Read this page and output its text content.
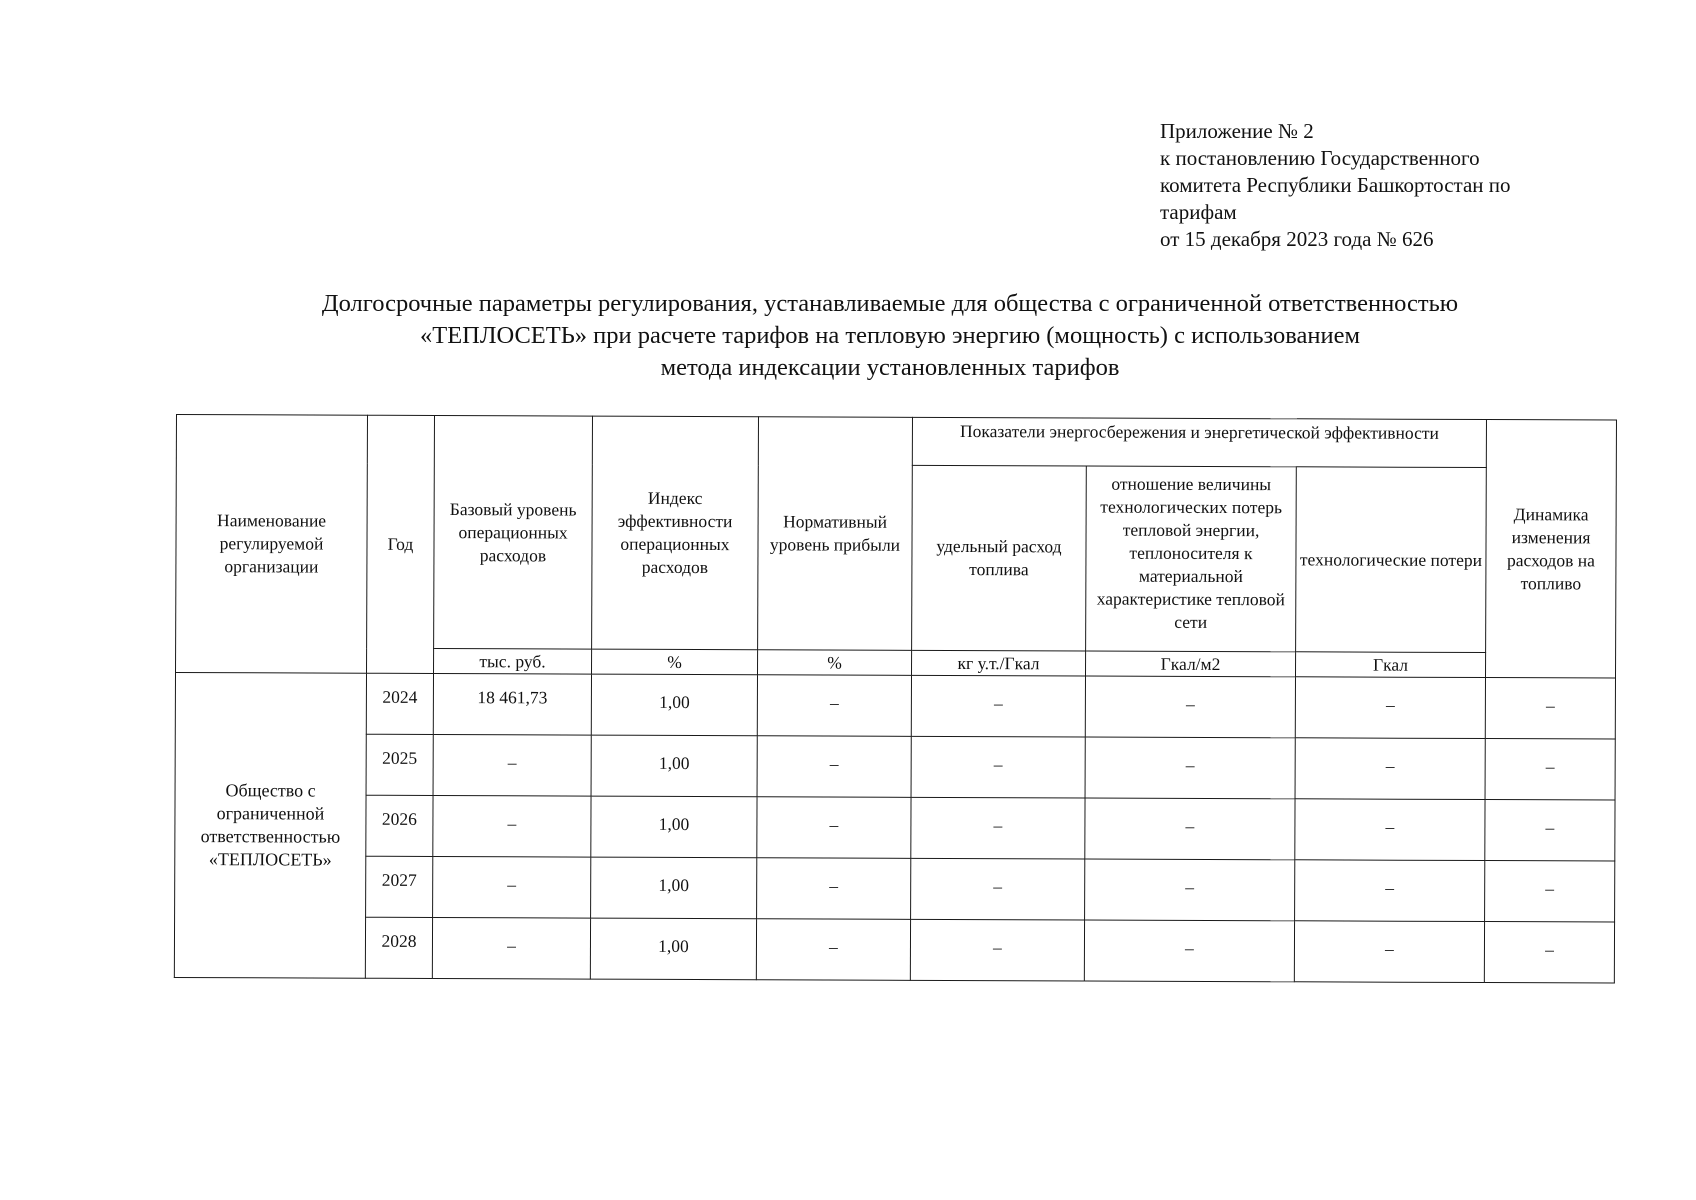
Приложение № 2
к постановлению Государственного
комитета Республики Башкортостан по
тарифам
от 15 декабря 2023 года № 626
Долгосрочные параметры регулирования, устанавливаемые для общества с ограниченной ответственностью
«ТЕПЛОСЕТЬ» при расчете тарифов на тепловую энергию (мощность) с использованием
метода индексации установленных тарифов
Наименование регулируемой организации	Год	Базовый уровень операционных расходов	Индекс эффективности операционных расходов	Нормативный уровень прибыли	Показатели энергосбережения и энергетической эффективности			Динамика изменения расходов на топливо
					удельный расход топлива	отношение величины технологических потерь тепловой энергии, теплоносителя к материальной характеристике тепловой сети	технологические потери	
		тыс. руб.	%	%	кг у.т./Гкал	Гкал/м2	Гкал	
Общество с ограниченной ответственностью «ТЕПЛОСЕТЬ»	2024	18 461,73	1,00	–	–	–	–	–
	2025	–	1,00	–	–	–	–	–
	2026	–	1,00	–	–	–	–	–
	2027	–	1,00	–	–	–	–	–
	2028	–	1,00	–	–	–	–	–
